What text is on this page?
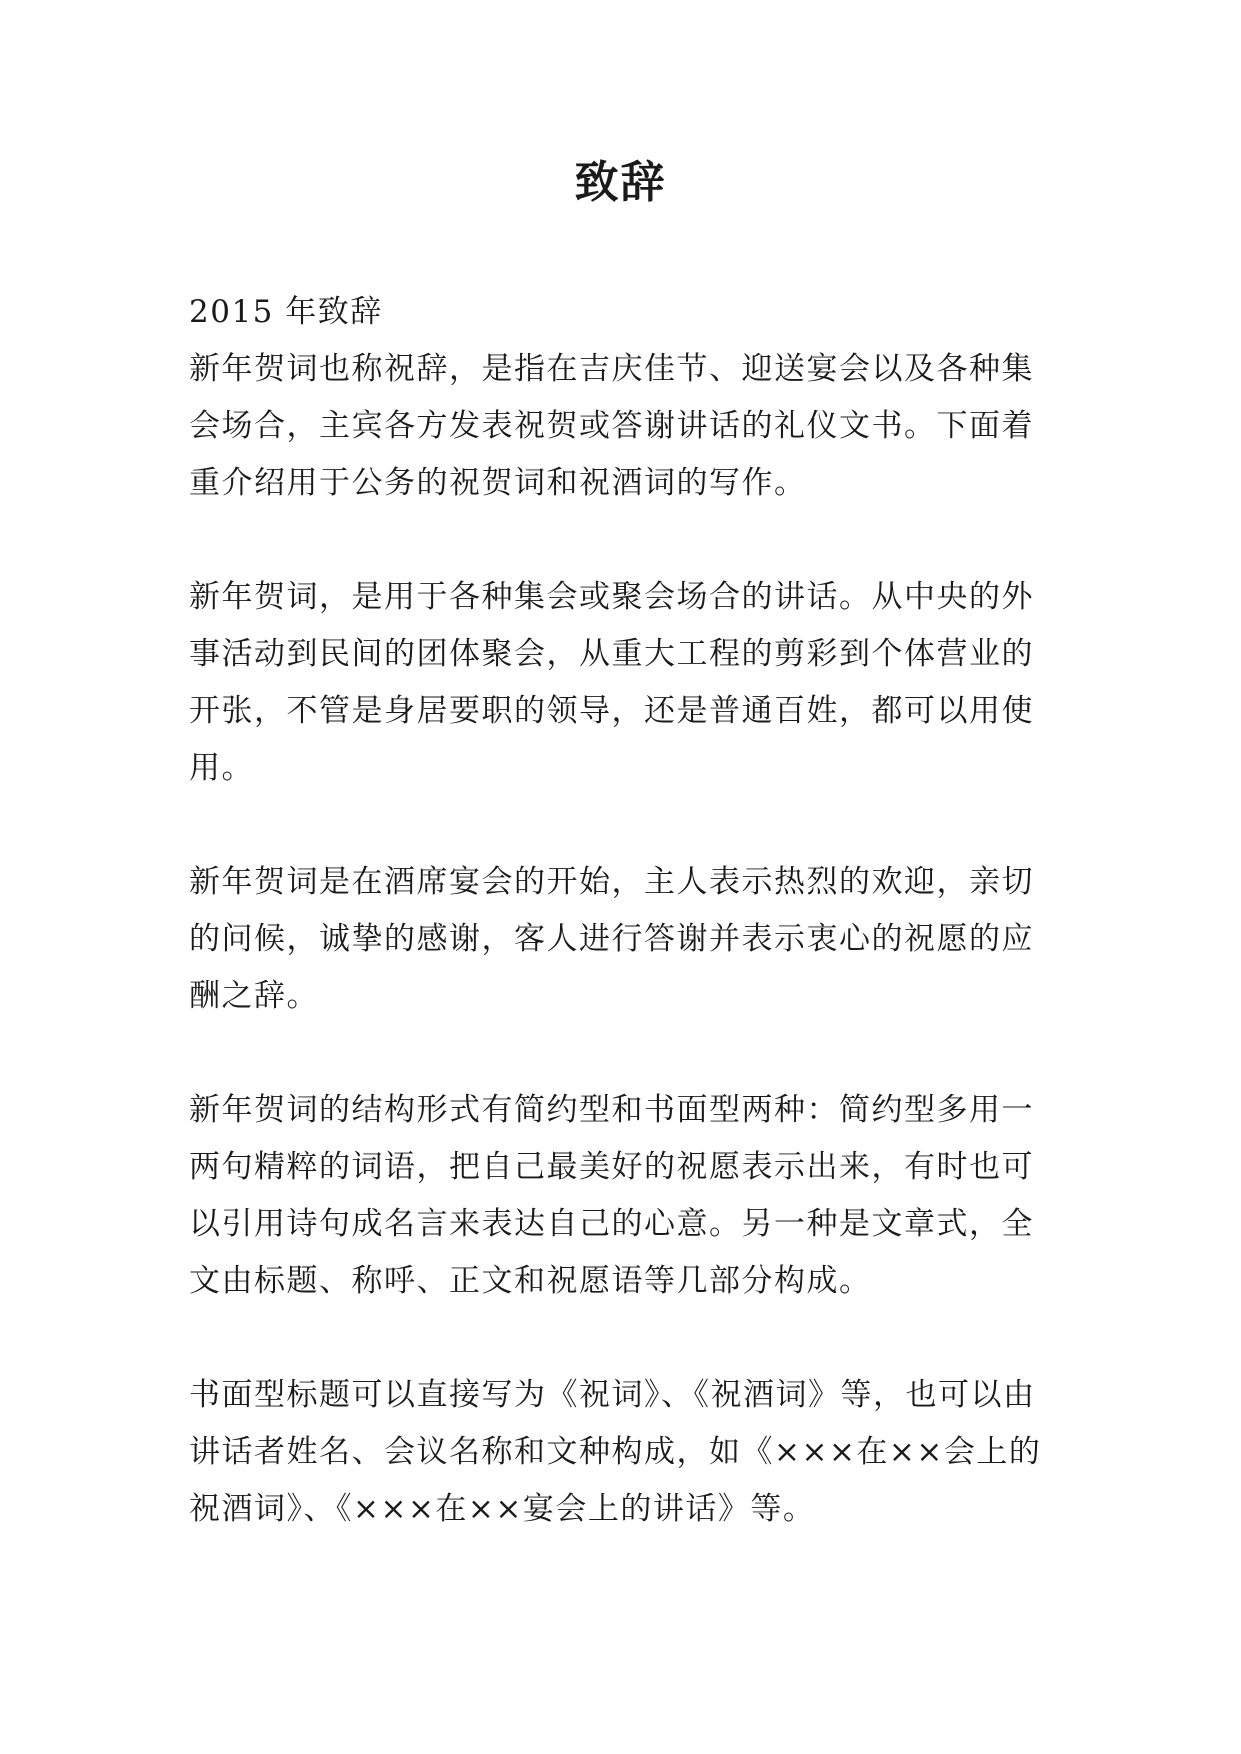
致辞
2015 年致辞
新年贺词也称祝辞，是指在吉庆佳节、迎送宴会以及各种集
会场合，主宾各方发表祝贺或答谢讲话的礼仪文书。下面着
重介绍用于公务的祝贺词和祝酒词的写作。
新年贺词，是用于各种集会或聚会场合的讲话。从中央的外
事活动到民间的团体聚会，从重大工程的剪彩到个体营业的
开张，不管是身居要职的领导，还是普通百姓，都可以用使
用。
新年贺词是在酒席宴会的开始，主人表示热烈的欢迎，亲切
的问候，诚挚的感谢，客人进行答谢并表示衷心的祝愿的应
酬之辞。
新年贺词的结构形式有简约型和书面型两种：简约型多用一
两句精粹的词语，把自己最美好的祝愿表示出来，有时也可
以引用诗句成名言来表达自己的心意。另一种是文章式，全
文由标题、称呼、正文和祝愿语等几部分构成。
书面型标题可以直接写为《祝词》、《祝酒词》等，也可以由
讲话者姓名、会议名称和文种构成，如《×××在××会上的
祝酒词》、《×××在××宴会上的讲话》等。
